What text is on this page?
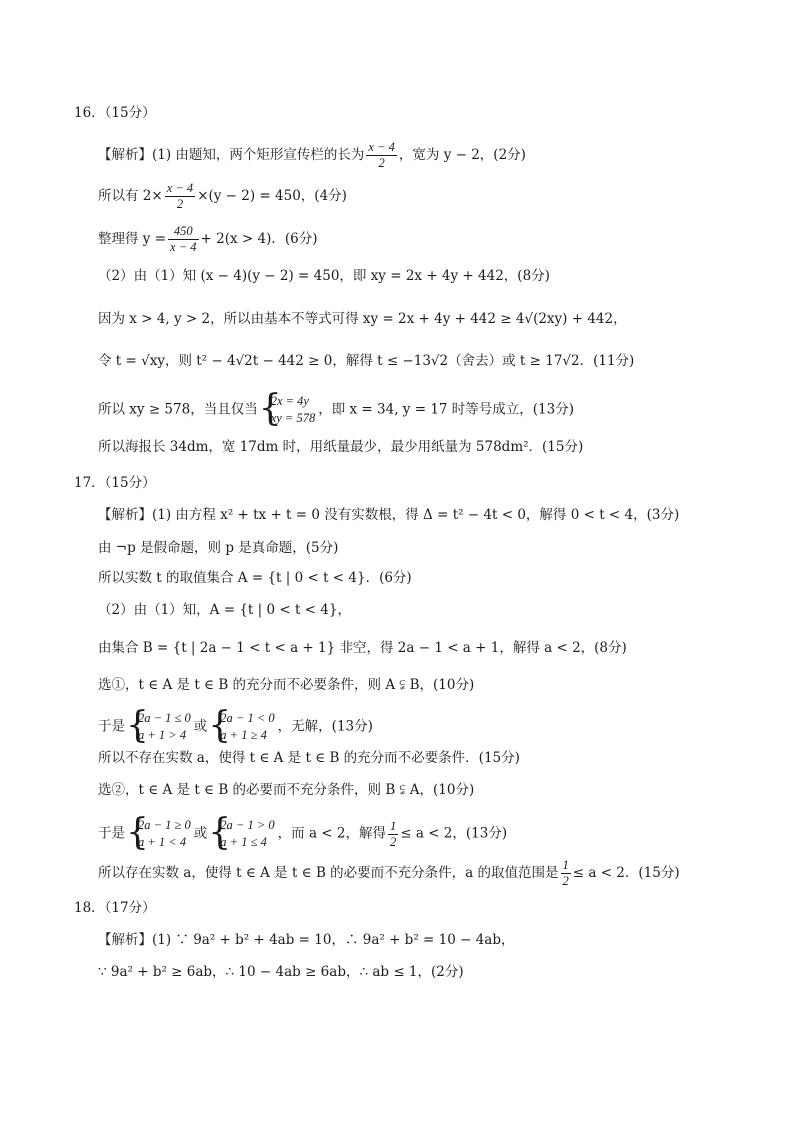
16．（15分）
【解析】(1) 由题知，两个矩形宣传栏的长为 $\frac{x - 4}{2}$ ，宽为 y − 2，(2分)
所以有 $2\times \frac{x - 4}{2} \times(y - 2) = 450$，(4分)
整理得 $y = \frac{450}{x - 4} + 2(x > 4)$．(6分)
（2）由（1）知 (x − 4)(y − 2) = 450，即 xy = 2x + 4y + 442，(8分)
因为 x > 4, y > 2，所以由基本不等式可得 xy = 2x + 4y + 442 ≥ 4√(2xy) + 442，
令 t = √xy，则 t² − 4√2t − 442 ≥ 0，解得 t ≤ −13√2（舍去）或 t ≥ 17√2．(11分)
所以 xy ≥ 578，当且仅当
{ 2x = 4y
xy = 578
，即 x = 34, y = 17 时等号成立，(13分)
所以海报长 34dm，宽 17dm 时，用纸量最少，最少用纸量为 578dm²．(15分)
17．（15分）
【解析】(1) 由方程 x² + tx + t = 0 没有实数根，得 Δ = t² − 4t < 0，解得 0 < t < 4，(3分)
由 ¬p 是假命题，则 p 是真命题，(5分)
所以实数 t 的取值集合 A = {t | 0 < t < 4}．(6分)
（2）由（1）知，A = {t | 0 < t < 4}，
由集合 B = {t | 2a − 1 < t < a + 1} 非空，得 2a − 1 < a + 1，解得 a < 2，(8分)
选①，t ∈ A 是 t ∈ B 的充分而不必要条件，则 A ⫋ B，(10分)
于是
{ 2a − 1 ≤ 0
a + 1 > 4
或
{ 2a − 1 < 0
a + 1 ≥ 4
，无解，(13分)
所以不存在实数 a，使得 t ∈ A 是 t ∈ B 的充分而不必要条件．(15分)
选②，t ∈ A 是 t ∈ B 的必要而不充分条件，则 B ⫋ A，(10分)
于是
{ 2a − 1 ≥ 0
a + 1 < 4
或
{ 2a − 1 > 0
a + 1 ≤ 4
，而 a < 2，解得 $\frac{1}{2} \le a < 2$，(13分)
所以存在实数 a，使得 t ∈ A 是 t ∈ B 的必要而不充分条件，a 的取值范围是 $\frac{1}{2} \le a < 2$．(15分)
18．（17分）
【解析】(1) ∵ 9a² + b² + 4ab = 10，∴ 9a² + b² = 10 − 4ab，
∵ 9a² + b² ≥ 6ab，∴ 10 − 4ab ≥ 6ab，∴ ab ≤ 1，(2分)
